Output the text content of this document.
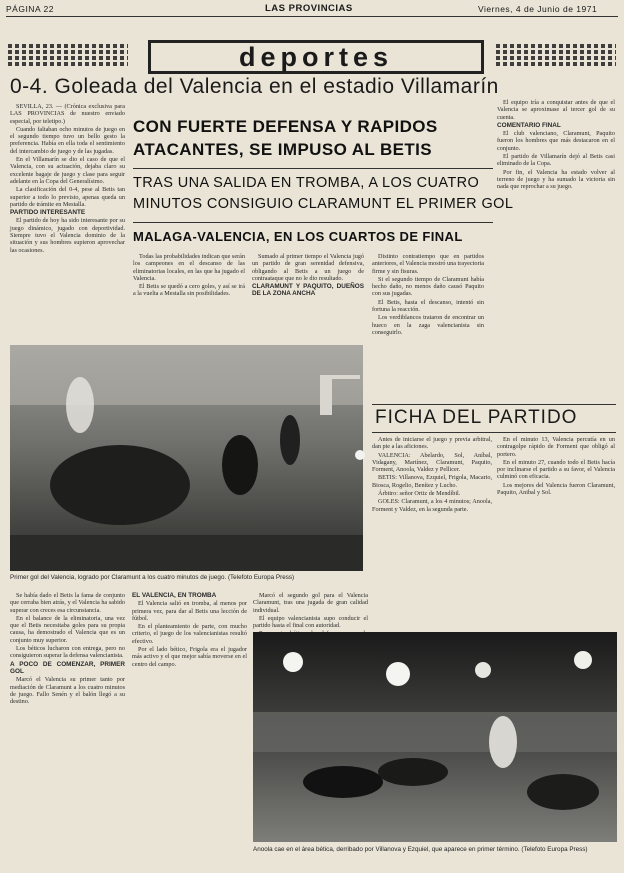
PÁGINA 22	LAS PROVINCIAS	Viernes, 4 de Junio de 1971
deportes
0-4. Goleada del Valencia en el estadio Villamarín

SEVILLA, 23. — (Crónica exclusiva para LAS PROVINCIAS de nuestro enviado especial, por teletipo.)

Cuando faltaban ocho minutos de juego en el segundo tiempo tuvo un bello gesto la preferencia. Había en ella toda el sentimiento del intercambio de juego y de las jugadas.

En el Villamarín se dio el caso de que el Valencia, con su actuación, dejaba claro su excelente bagaje de juego y clase para seguir adelante en la Copa del Generalísimo.

La clasificación del 0-4, pese al Betis tan superior a todo lo previsto, apenas queda un partido de trámite en Mestalla.

PARTIDO INTERESANTE

El partido de hoy ha sido interesante por su juego dinámico, jugado con deportividad. Siempre tuvo el Valencia dominio de la situación y sus hombres supieron aprovechar las ocasiones.

CON FUERTE DEFENSA Y RAPIDOS
ATACANTES, SE IMPUSO AL BETIS
TRAS UNA SALIDA EN TROMBA, A LOS CUATRO
MINUTOS CONSIGUIO CLARAMUNT EL PRIMER GOL
MALAGA-VALENCIA, EN LOS CUARTOS DE FINAL

Todas las probabilidades indican que serán los campeones en el descanso de las eliminatorias locales, en las que ha jugado el Valencia.

El Betis se quedó a cero goles, y así se irá a la vuelta a Mestalla sin posibilidades.

Sumado al primer tiempo el Valencia jugó un partido de gran serenidad defensiva, obligando al Betis a un juego de contraataque que no le dio resultado.

CLARAMUNT Y PAQUITO, DUEÑOS DE LA ZONA ANCHA

Distinto contratiempo que en partidos anteriores, el Valencia mostró una trayectoria firme y sin fisuras.

Si el segundo tiempo de Claramunt había hecho daño, no menos daño causó Paquito con sus jugadas.

El Betis, hasta el descanso, intentó sin fortuna la reacción.

Los verdiblancos trataron de encontrar un hueco en la zaga valencianista sin conseguirlo.

El equipo iría a conquistar antes de que el Valencia se aproximase al tercer gol de su cuenta.

COMENTARIO FINAL

El club valenciano, Claramunt, Paquito fueron los hombres que más destacaron en el conjunto.

El partido de Villamarín dejó al Betis casi eliminado de la Copa.

Por fin, el Valencia ha estado volver al terreno de juego y ha sumado la victoria sin nada que reprochar a su juego.

Primer gol del Valencia, logrado por Claramunt a los cuatro minutos de juego. (Telefoto Europa Press)
FICHA DEL PARTIDO

Antes de iniciarse el juego y previa arbitral, dan pie a las aficiones.

VALENCIA: Abelardo, Sol, Aníbal, Vidagany, Martínez, Claramunt, Paquito, Forment, Anoola, Valdez y Pellicer.

BETIS: Villanova, Ezquiel, Frigola, Macario, Biosca, Rogelio, Benítez y Lucho.

Árbitro: señor Ortiz de Mendíbil.

GOLES: Claramunt, a los 4 minutos; Anoola, Forment y Valdez, en la segunda parte.

En el minuto 13, Valencia percutía en un contragolpe rápido de Forment que obligó al portero.

En el minuto 27, cuando todo el Betis hacía por inclinarse el partido a su favor, el Valencia culminó con eficacia.

Los mejores del Valencia fueron Claramunt, Paquito, Anibal y Sol.

Se había dado el Betis la fama de conjunto que cerraba bien atrás, y el Valencia ha sabido superar con creces esa circunstancia.

En el balance de la eliminatoria, una vez que el Betis necesitaba goles para su propia causa, ha demostrado el Valencia que es un conjunto muy superior.

Los béticos lucharon con entrega, pero no consiguieron superar la defensa valencianista.

A POCO DE COMENZAR, PRIMER GOL

Marcó el Valencia su primer tanto por mediación de Claramunt a los cuatro minutos de juego. Fallo Senén y el balón llegó a su destino.

EL VALENCIA, EN TROMBA

El Valencia salió en tromba, al menos por primera vez, para dar al Betis una lección de fútbol.

En el planteamiento de parte, con mucho criterio, el juego de los valencianistas resultó efectivo.

Por el lado bético, Frigola era el jugador más activo y el que mejor sabía moverse en el centro del campo.

Marcó el segundo gol para el Valencia Claramunt, tras una jugada de gran calidad individual.

El equipo valencianista supo conducir el partido hasta el final con autoridad.

Anoola cae en el área bética, derribado por Villanova y Ezquiel, que aparece en primer término. (Telefoto Europa Press)
